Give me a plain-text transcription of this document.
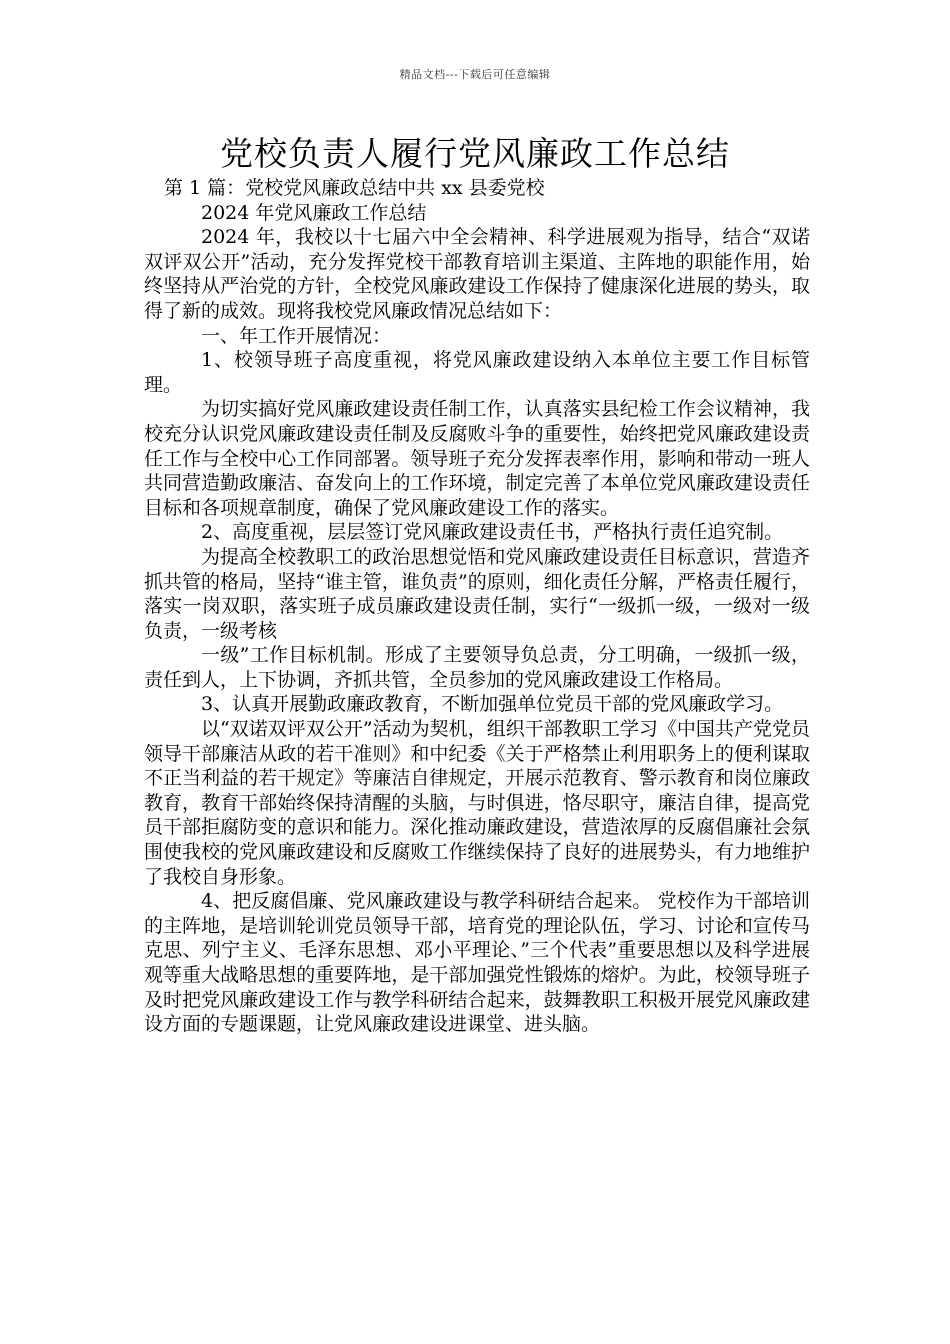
精品文档---下载后可任意编辑
党校负责人履行党风廉政工作总结

第 1 篇：党校党风廉政总结中共 xx 县委党校

2024 年党风廉政工作总结

2024 年，我校以十七届六中全会精神、科学进展观为指导，结合“双诺双评双公开”活动，充分发挥党校干部教育培训主渠道、主阵地的职能作用，始终坚持从严治党的方针，全校党风廉政建设工作保持了健康深化进展的势头，取得了新的成效。现将我校党风廉政情况总结如下：

一、年工作开展情况：

1、校领导班子高度重视，将党风廉政建设纳入本单位主要工作目标管理。

为切实搞好党风廉政建设责任制工作，认真落实县纪检工作会议精神，我校充分认识党风廉政建设责任制及反腐败斗争的重要性，始终把党风廉政建设责任工作与全校中心工作同部署。领导班子充分发挥表率作用，影响和带动一班人共同营造勤政廉洁、奋发向上的工作环境，制定完善了本单位党风廉政建设责任目标和各项规章制度，确保了党风廉政建设工作的落实。

2、高度重视，层层签订党风廉政建设责任书，严格执行责任追究制。

为提高全校教职工的政治思想觉悟和党风廉政建设责任目标意识，营造齐抓共管的格局，坚持“谁主管，谁负责”的原则，细化责任分解，严格责任履行，落实一岗双职，落实班子成员廉政建设责任制，实行“一级抓一级，一级对一级负责，一级考核

一级”工作目标机制。形成了主要领导负总责，分工明确，一级抓一级，责任到人，上下协调，齐抓共管，全员参加的党风廉政建设工作格局。

3、认真开展勤政廉政教育，不断加强单位党员干部的党风廉政学习。

以“双诺双评双公开”活动为契机，组织干部教职工学习《中国共产党党员领导干部廉洁从政的若干准则》和中纪委《关于严格禁止利用职务上的便利谋取不正当利益的若干规定》等廉洁自律规定，开展示范教育、警示教育和岗位廉政教育，教育干部始终保持清醒的头脑，与时俱进，恪尽职守，廉洁自律，提高党员干部拒腐防变的意识和能力。深化推动廉政建设，营造浓厚的反腐倡廉社会氛围使我校的党风廉政建设和反腐败工作继续保持了良好的进展势头，有力地维护了我校自身形象。

4、把反腐倡廉、党风廉政建设与教学科研结合起来。 党校作为干部培训的主阵地，是培训轮训党员领导干部，培育党的理论队伍，学习、讨论和宣传马克思、列宁主义、毛泽东思想、邓小平理论、”三个代表”重要思想以及科学进展观等重大战略思想的重要阵地，是干部加强党性锻炼的熔炉。为此，校领导班子及时把党风廉政建设工作与教学科研结合起来，鼓舞教职工积极开展党风廉政建设方面的专题课题，让党风廉政建设进课堂、进头脑。
